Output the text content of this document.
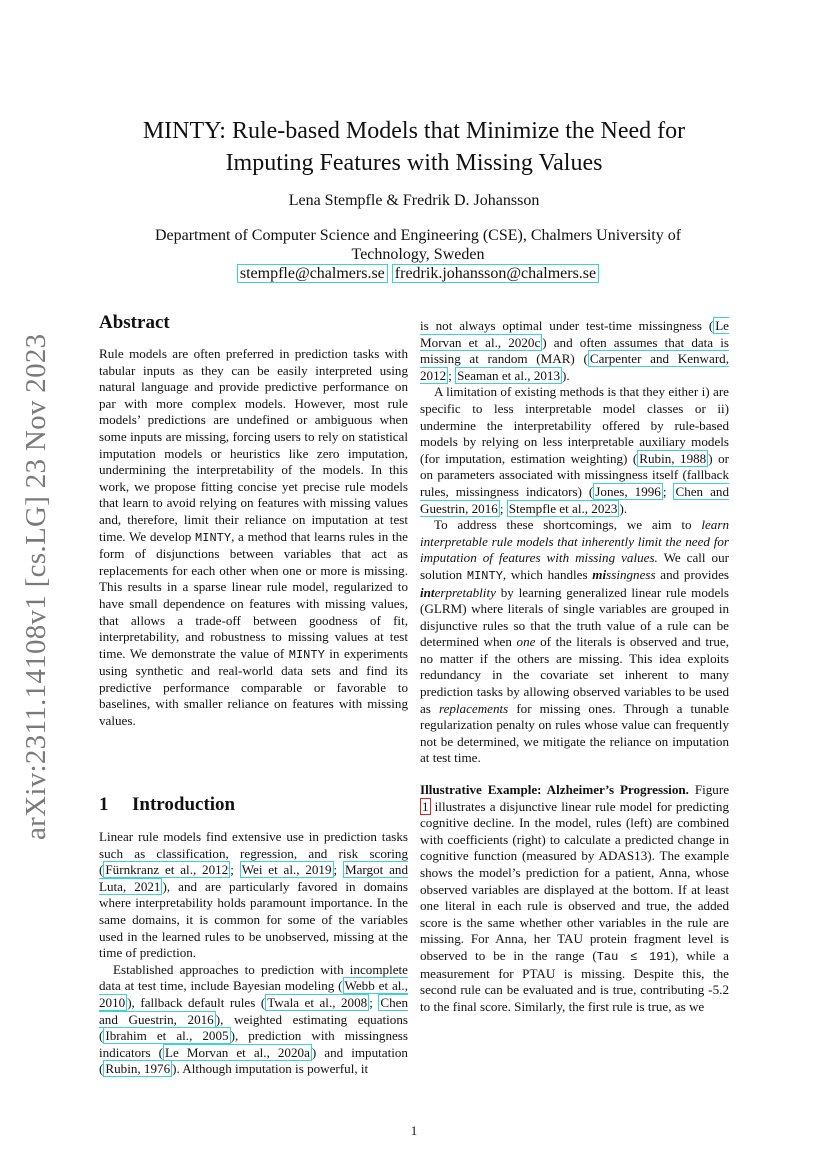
arXiv:2311.14108v1 [cs.LG] 23 Nov 2023
MINTY: Rule-based Models that Minimize the Need for
Imputing Features with Missing Values
Lena Stempfle & Fredrik D. Johansson
Department of Computer Science and Engineering (CSE), Chalmers University of Technology, Sweden
stempfle@chalmers.se fredrik.johansson@chalmers.se
Abstract

Rule models are often preferred in prediction tasks with tabular inputs as they can be easily interpreted using natural language and provide predictive performance on par with more complex models. However, most rule models’ predictions are undefined or ambiguous when some inputs are missing, forcing users to rely on statistical imputation models or heuristics like zero imputation, undermining the interpretability of the models. In this work, we propose fitting concise yet precise rule models that learn to avoid relying on features with missing values and, therefore, limit their reliance on imputation at test time. We develop MINTY, a method that learns rules in the form of disjunctions between variables that act as replacements for each other when one or more is missing. This results in a sparse linear rule model, regularized to have small dependence on features with missing values, that allows a trade-off between goodness of fit, interpretability, and robustness to missing values at test time. We demonstrate the value of MINTY in experiments using synthetic and real-world data sets and find its predictive performance comparable or favorable to baselines, with smaller reliance on features with missing values.

1 Introduction

Linear rule models find extensive use in prediction tasks such as classification, regression, and risk scoring ( Fürnkranz et al., 2012 ; Wei et al., 2019 ; Margot and Luta, 2021 ), and are particularly favored in domains where interpretability holds paramount importance. In the same domains, it is common for some of the variables used in the learned rules to be unobserved, missing at the time of prediction.

Established approaches to prediction with incomplete data at test time, include Bayesian modeling ( Webb et al., 2010 ), fallback default rules ( Twala et al., 2008 ; Chen and Guestrin, 2016 ), weighted estimating equations ( Ibrahim et al., 2005 ), prediction with missingness indicators ( Le Morvan et al., 2020a ) and imputation ( Rubin, 1976 ). Although imputation is powerful, it

is not always optimal under test-time missingness ( Le Morvan et al., 2020c ) and often assumes that data is missing at random (MAR) ( Carpenter and Kenward, 2012 ; Seaman et al., 2013 ).

A limitation of existing methods is that they either i) are specific to less interpretable model classes or ii) undermine the interpretability offered by rule-based models by relying on less interpretable auxiliary models (for imputation, estimation weighting) ( Rubin, 1988 ) or on parameters associated with missingness itself (fallback rules, missingness indicators) ( Jones, 1996 ; Chen and Guestrin, 2016 ; Stempfle et al., 2023 ).

To address these shortcomings, we aim to learn interpretable rule models that inherently limit the need for imputation of features with missing values. We call our solution MINTY, which handles missingness and provides interpretablity by learning generalized linear rule models (GLRM) where literals of single variables are grouped in disjunctive rules so that the truth value of a rule can be determined when one of the literals is observed and true, no matter if the others are missing. This idea exploits redundancy in the covariate set inherent to many prediction tasks by allowing observed variables to be used as replacements for missing ones. Through a tunable regularization penalty on rules whose value can frequently not be determined, we mitigate the reliance on imputation at test time.

Illustrative Example: Alzheimer’s Progression. Figure 1 illustrates a disjunctive linear rule model for predicting cognitive decline. In the model, rules (left) are combined with coefficients (right) to calculate a predicted change in cognitive function (measured by ADAS13). The example shows the model’s prediction for a patient, Anna, whose observed variables are displayed at the bottom. If at least one literal in each rule is observed and true, the added score is the same whether other variables in the rule are missing. For Anna, her TAU protein fragment level is observed to be in the range (Tau ≤ 191), while a measurement for PTAU is missing. Despite this, the second rule can be evaluated and is true, contributing -5.2 to the final score. Similarly, the first rule is true, as we

1
